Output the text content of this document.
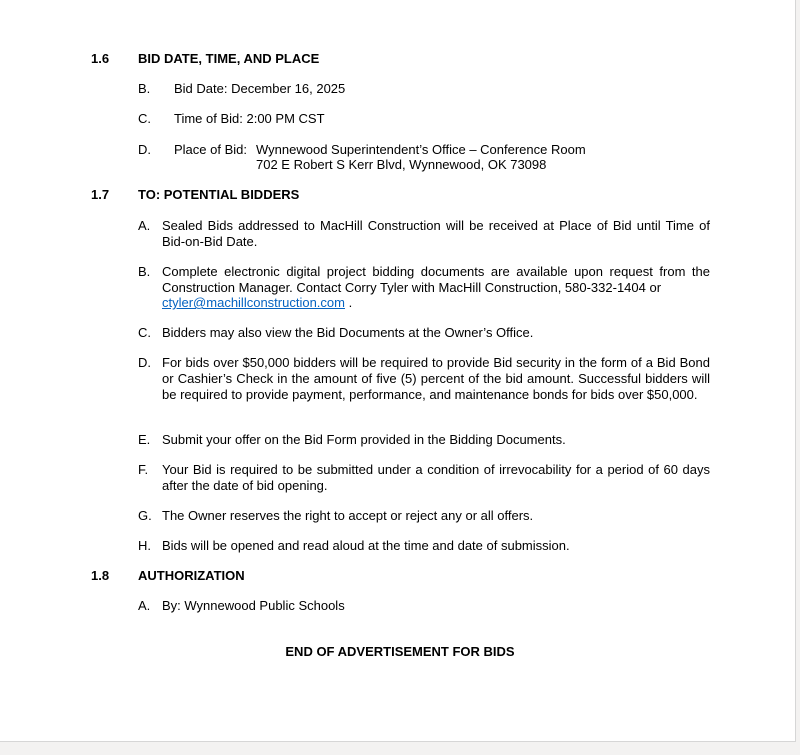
1.6 BID DATE, TIME, AND PLACE
B. Bid Date: December 16, 2025
C. Time of Bid: 2:00 PM CST
D. Place of Bid: Wynnewood Superintendent’s Office – Conference Room
702 E Robert S Kerr Blvd, Wynnewood, OK 73098
1.7 TO: POTENTIAL BIDDERS
A. Sealed Bids addressed to MacHill Construction will be received at Place of Bid until Time of Bid-on-Bid Date.
B. Complete electronic digital project bidding documents are available upon request from the Construction Manager. Contact Corry Tyler with MacHill Construction, 580-332-1404 or
ctyler@machillconstruction.com .
C. Bidders may also view the Bid Documents at the Owner’s Office.
D. For bids over $50,000 bidders will be required to provide Bid security in the form of a Bid Bond or Cashier’s Check in the amount of five (5) percent of the bid amount. Successful bidders will be required to provide payment, performance, and maintenance bonds for bids over $50,000.
E. Submit your offer on the Bid Form provided in the Bidding Documents.
F. Your Bid is required to be submitted under a condition of irrevocability for a period of 60 days after the date of bid opening.
G. The Owner reserves the right to accept or reject any or all offers.
H. Bids will be opened and read aloud at the time and date of submission.
1.8 AUTHORIZATION
A. By: Wynnewood Public Schools
END OF ADVERTISEMENT FOR BIDS
